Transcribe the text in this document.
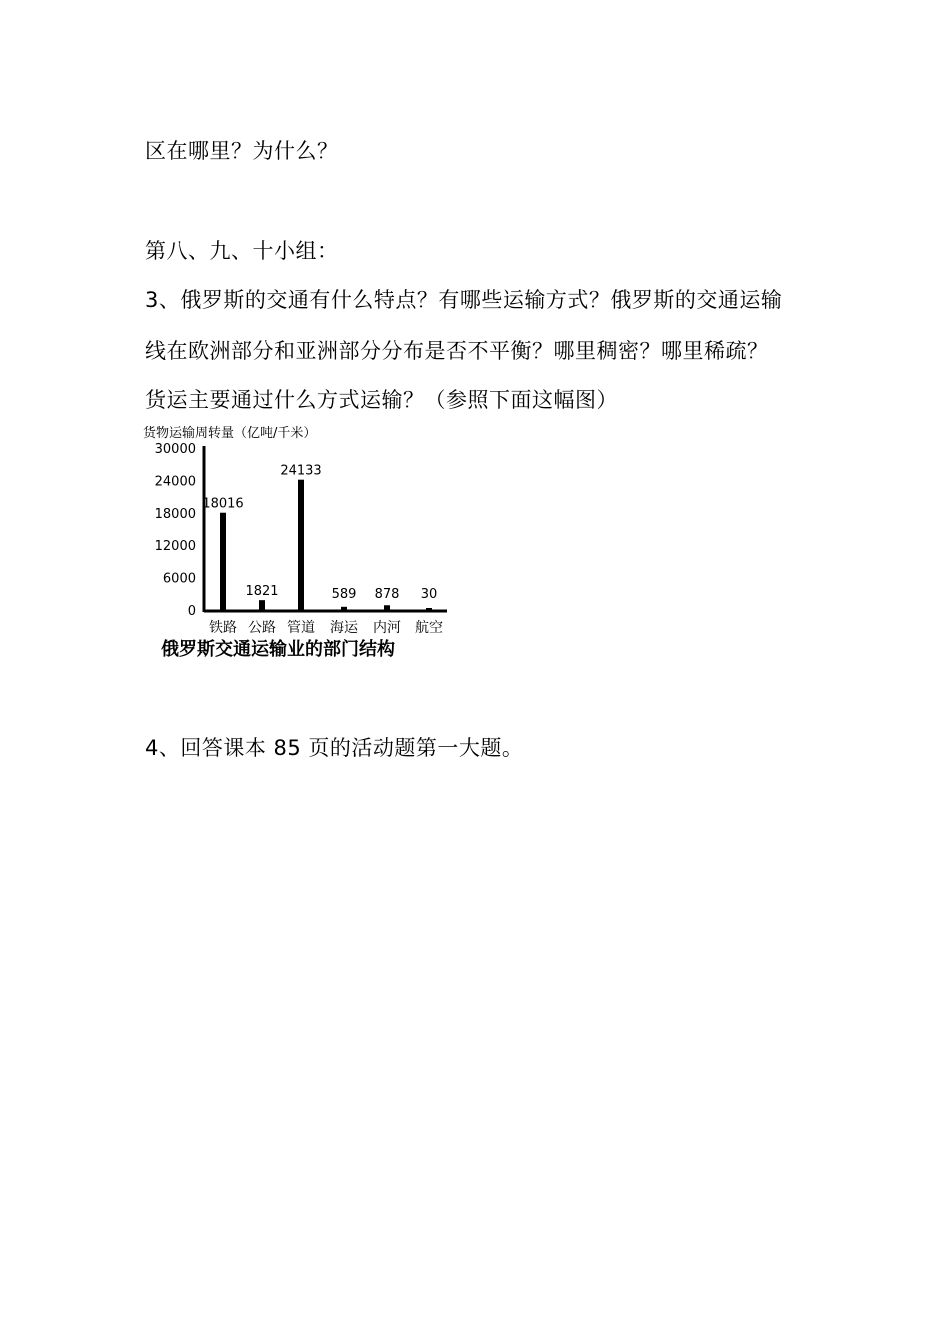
区在哪里？为什么？
第八、九、十小组：
3、俄罗斯的交通有什么特点？有哪些运输方式？俄罗斯的交通运输
线在欧洲部分和亚洲部分分布是否不平衡？哪里稠密？哪里稀疏？
货运主要通过什么方式运输？（参照下面这幅图）
货物运输周转量（亿吨/千米）
0
6000
12000
18000
24000
30000
18016
1821
24133
589 878 30
铁路 公路 管道 海运 内河 航空
俄罗斯交通运输业的部门结构
4、回答课本 85 页的活动题第一大题。
